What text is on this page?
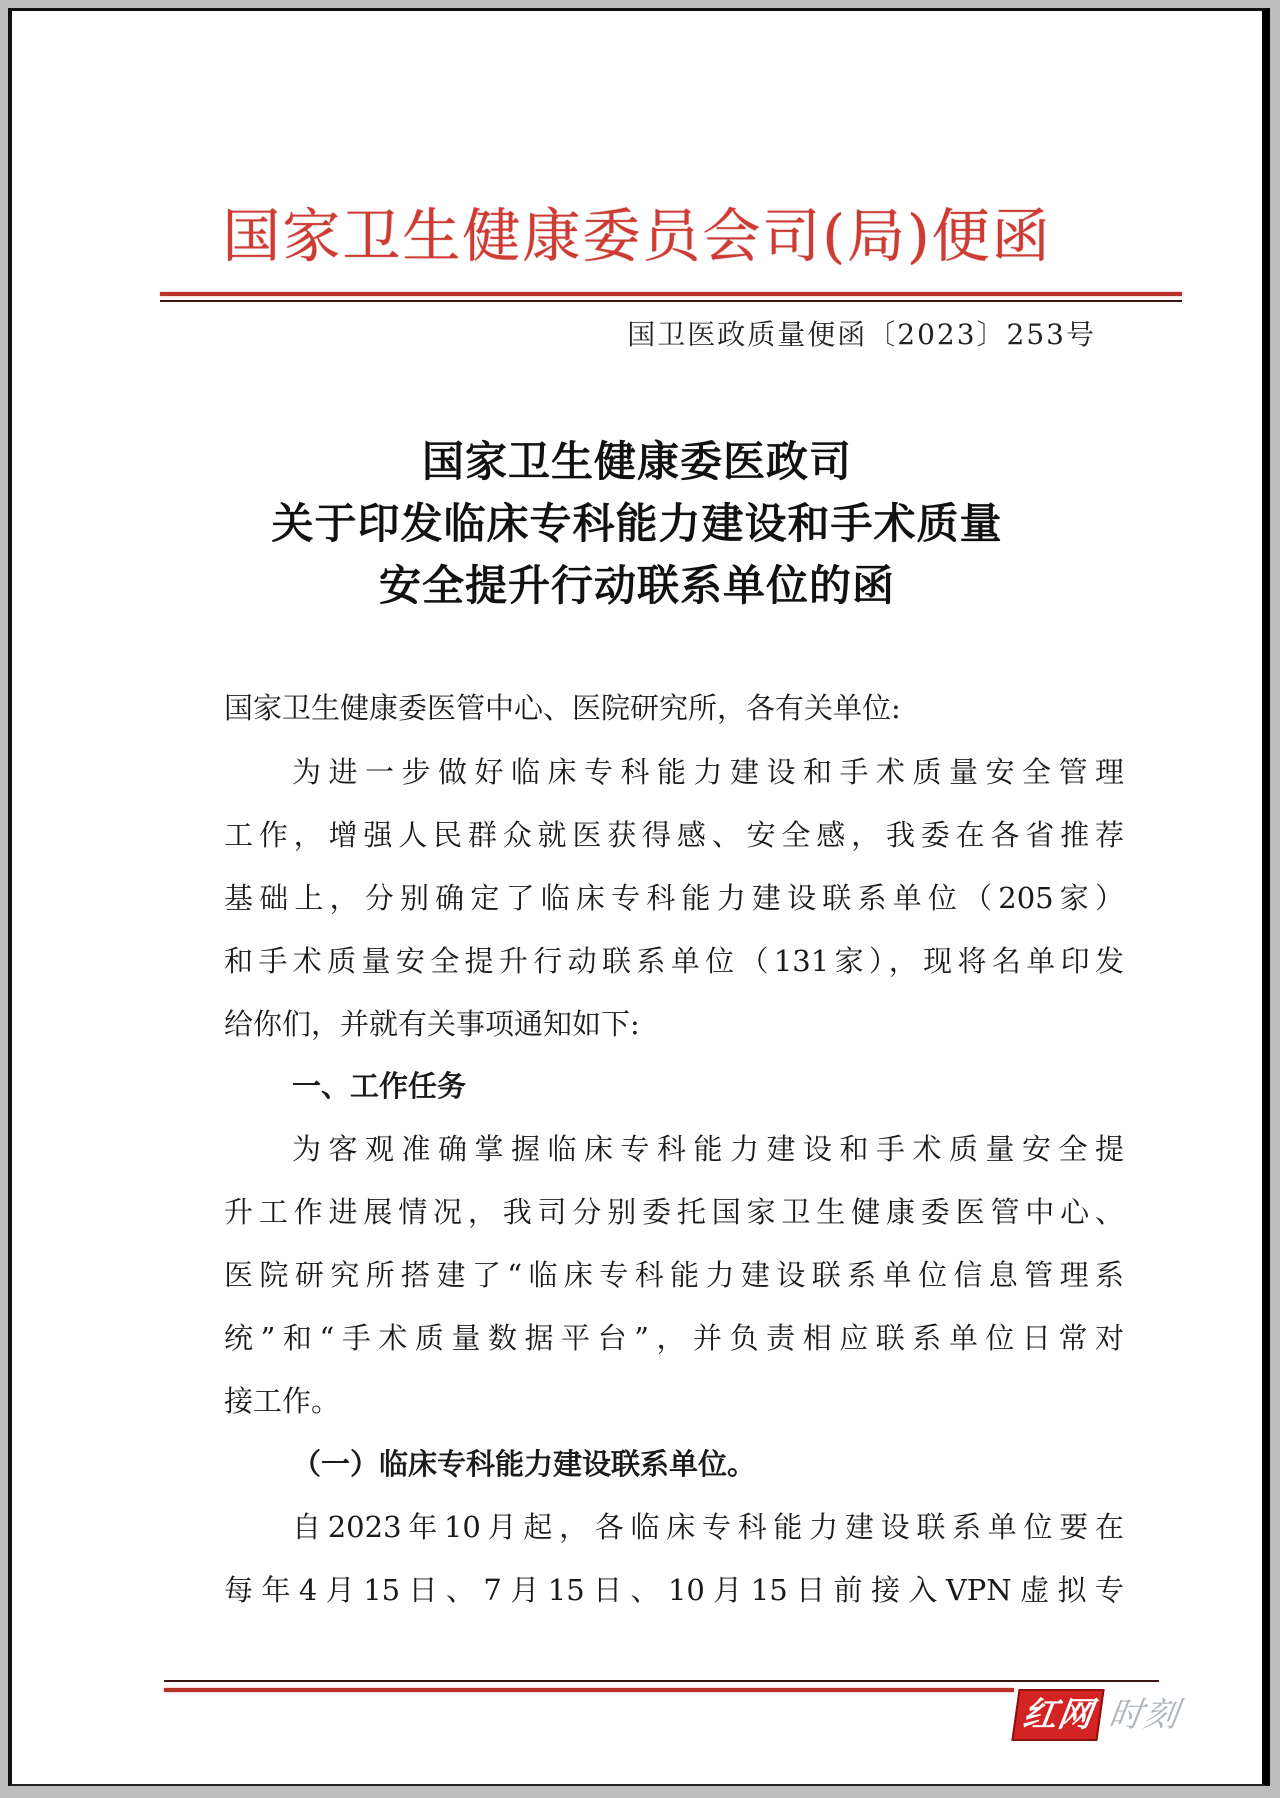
国家卫生健康委员会司(局)便函
国卫医政质量便函〔2023〕253号
国家卫生健康委医政司
关于印发临床专科能力建设和手术质量
安全提升行动联系单位的函
国家卫生健康委医管中心、医院研究所，各有关单位:
为进一步做好临床专科能力建设和手术质量安全管理
工作，增强人民群众就医获得感、安全感，我委在各省推荐
基础上，分别确定了临床专科能力建设联系单位（205家）
和手术质量安全提升行动联系单位（131家），现将名单印发
给你们，并就有关事项通知如下:
一、工作任务
为客观准确掌握临床专科能力建设和手术质量安全提
升工作进展情况，我司分别委托国家卫生健康委医管中心、
医院研究所搭建了“临床专科能力建设联系单位信息管理系
统”和“手术质量数据平台”，并负责相应联系单位日常对
接工作。
（一）临床专科能力建设联系单位。
自2023年10月起，各临床专科能力建设联系单位要在
每年4月15日、7月15日、10月15日前接入VPN虚拟专
红网 时刻
